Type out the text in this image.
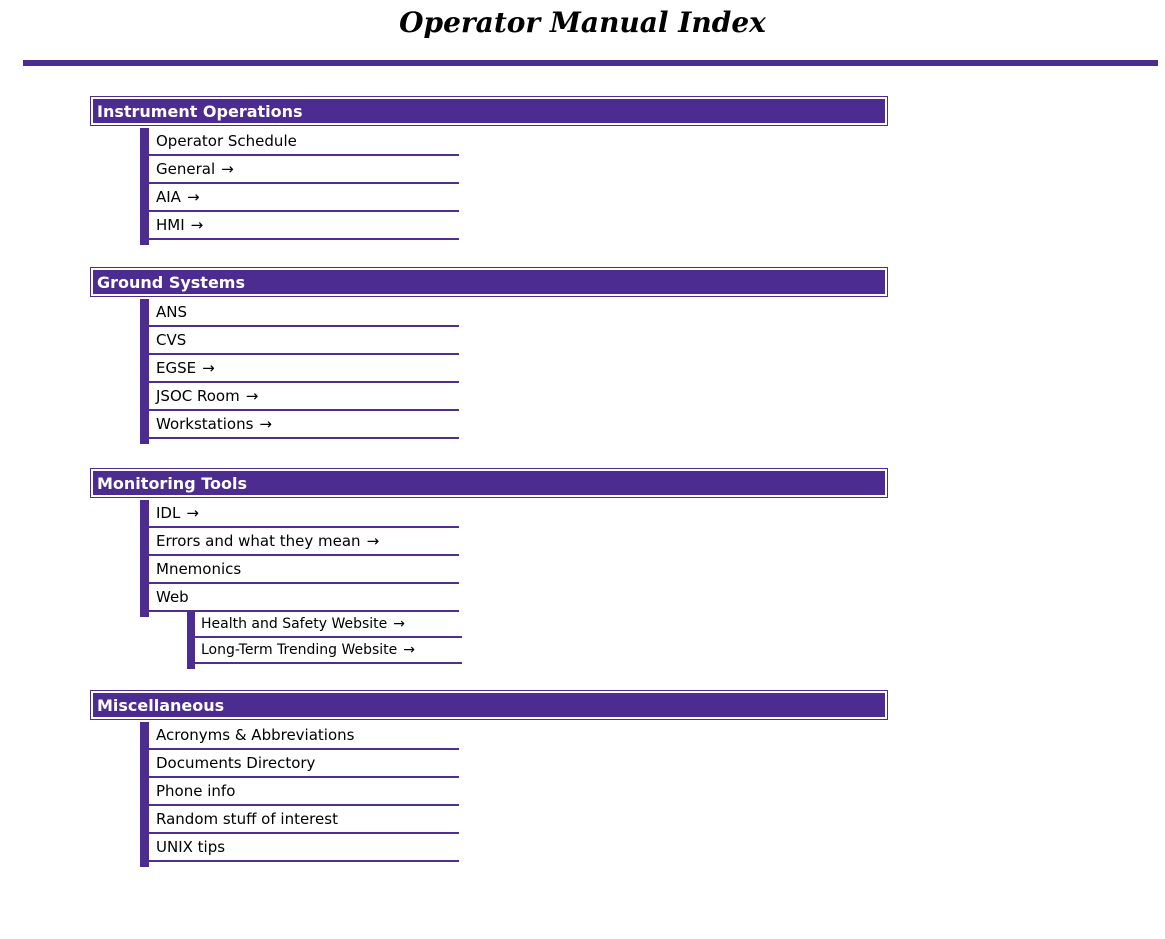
Operator Manual Index
Instrument Operations
Operator Schedule
General →
AIA →
HMI →
Ground Systems
ANS
CVS
EGSE →
JSOC Room →
Workstations →
Monitoring Tools
IDL →
Errors and what they mean →
Mnemonics
Web
Health and Safety Website →
Long-Term Trending Website →
Miscellaneous
Acronyms & Abbreviations
Documents Directory
Phone info
Random stuff of interest
UNIX tips
